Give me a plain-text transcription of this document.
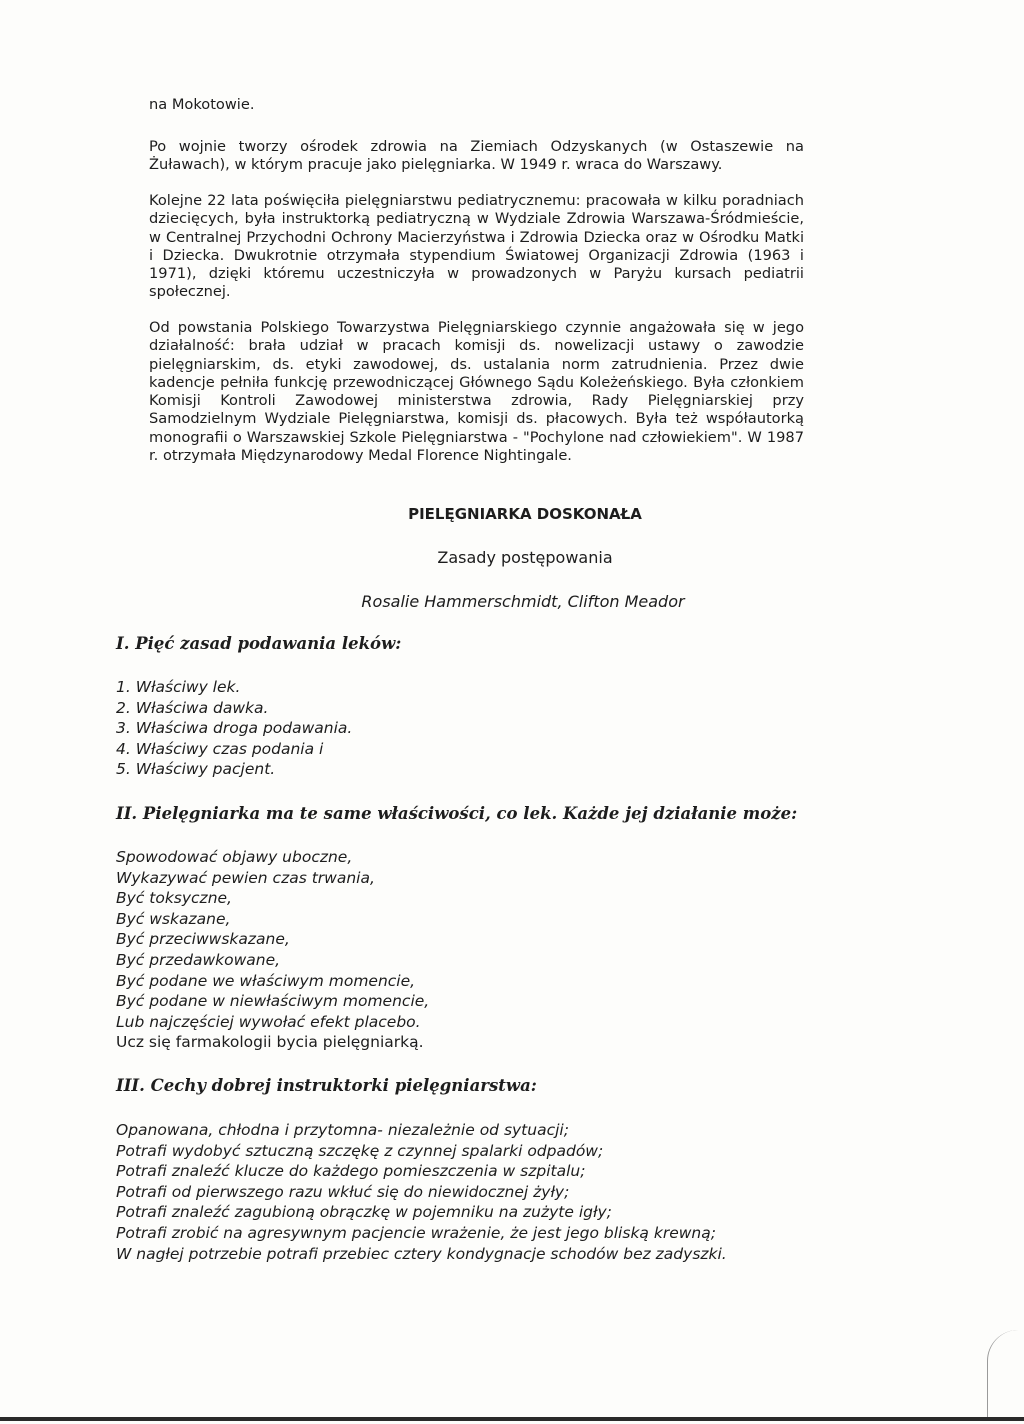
na Mokotowie.
Po wojnie tworzy ośrodek zdrowia na Ziemiach Odzyskanych (w Ostaszewie na Żuławach), w którym pracuje jako pielęgniarka. W 1949 r. wraca do Warszawy.
Kolejne 22 lata poświęciła pielęgniarstwu pediatrycznemu: pracowała w kilku poradniach dziecięcych, była instruktorką pediatryczną w Wydziale Zdrowia Warszawa-Śródmieście, w Centralnej Przychodni Ochrony Macierzyństwa i Zdrowia Dziecka oraz w Ośrodku Matki i Dziecka. Dwukrotnie otrzymała stypendium Światowej Organizacji Zdrowia (1963 i 1971), dzięki któremu uczestniczyła w prowadzonych w Paryżu kursach pediatrii społecznej.
Od powstania Polskiego Towarzystwa Pielęgniarskiego czynnie angażowała się w jego działalność: brała udział w pracach komisji ds. nowelizacji ustawy o zawodzie pielęgniarskim, ds. etyki zawodowej, ds. ustalania norm zatrudnienia. Przez dwie kadencje pełniła funkcję przewodniczącej Głównego Sądu Koleżeńskiego. Była członkiem Komisji Kontroli Zawodowej ministerstwa zdrowia, Rady Pielęgniarskiej przy Samodzielnym Wydziale Pielęgniarstwa, komisji ds. płacowych. Była też współautorką monografii o Warszawskiej Szkole Pielęgniarstwa - "Pochylone nad człowiekiem". W 1987 r. otrzymała Międzynarodowy Medal Florence Nightingale.
PIELĘGNIARKA DOSKONAŁA
Zasady postępowania
Rosalie Hammerschmidt, Clifton Meador
I. Pięć zasad podawania leków:
1. Właściwy lek.
2. Właściwa dawka.
3. Właściwa droga podawania.
4. Właściwy czas podania i
5. Właściwy pacjent.
II. Pielęgniarka ma te same właściwości, co lek. Każde jej działanie może:
Spowodować objawy uboczne,
Wykazywać pewien czas trwania,
Być toksyczne,
Być wskazane,
Być przeciwwskazane,
Być przedawkowane,
Być podane we właściwym momencie,
Być podane w niewłaściwym momencie,
Lub najczęściej wywołać efekt placebo.
Ucz się farmakologii bycia pielęgniarką.
III. Cechy dobrej instruktorki pielęgniarstwa:
Opanowana, chłodna i przytomna- niezależnie od sytuacji;
Potrafi wydobyć sztuczną szczękę z czynnej spalarki odpadów;
Potrafi znaleźć klucze do każdego pomieszczenia w szpitalu;
Potrafi od pierwszego razu wkłuć się do niewidocznej żyły;
Potrafi znaleźć zagubioną obrączkę w pojemniku na zużyte igły;
Potrafi zrobić na agresywnym pacjencie wrażenie, że jest jego bliską krewną;
W nagłej potrzebie potrafi przebiec cztery kondygnacje schodów bez zadyszki.
